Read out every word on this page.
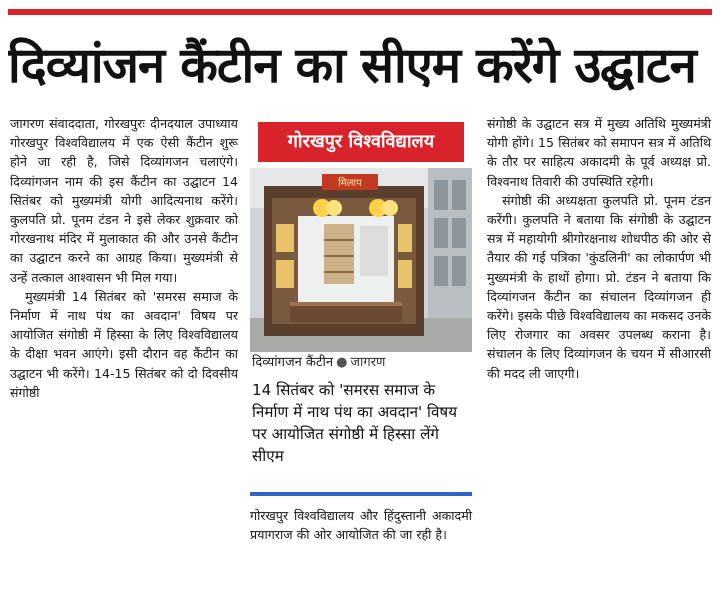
दिव्यांजन कैंटीन का सीएम करेंगे उद्घाटन

जागरण संवाददाता, गोरखपुरः दीनदयाल उपाध्याय गोरखपुर विश्वविद्यालय में एक ऐसी कैंटीन शुरू होने जा रही है, जिसे दिव्यांगजन चलाएंगे। दिव्यांगजन नाम की इस कैंटीन का उद्घाटन 14 सितंबर को मुख्यमंत्री योगी आदित्यनाथ करेंगे। कुलपति प्रो. पूनम टंडन ने इसे लेकर शुक्रवार को गोरखनाथ मंदिर में मुलाकात की और उनसे कैंटीन का उद्घाटन करने का आग्रह किया। मुख्यमंत्री से उन्हें तत्काल आश्वासन भी मिल गया।

मुख्यमंत्री 14 सितंबर को 'समरस समाज के निर्माण में नाथ पंथ का अवदान' विषय पर आयोजित संगोष्ठी में हिस्सा के लिए विश्वविद्यालय के दीक्षा भवन आएंगे। इसी दौरान वह कैंटीन का उद्घाटन भी करेंगे। 14-15 सितंबर को दो दिवसीय संगोष्ठी

गोरखपुर विश्वविद्यालय
मिलाप
दिव्यांगजन कैंटीन ● जागरण
14 सितंबर को 'समरस समाज के निर्माण में नाथ पंथ का अवदान' विषय पर आयोजित संगोष्ठी में हिस्सा लेंगे सीएम
गोरखपुर विश्वविद्यालय और हिंदुस्तानी अकादमी प्रयागराज की ओर आयोजित की जा रही है।

संगोष्ठी के उद्घाटन सत्र में मुख्य अतिथि मुख्यमंत्री योगी होंगे। 15 सितंबर को समापन सत्र में अतिथि के तौर पर साहित्य अकादमी के पूर्व अध्यक्ष प्रो. विश्वनाथ तिवारी की उपस्थिति रहेगी।

संगोष्ठी की अध्यक्षता कुलपति प्रो. पूनम टंडन करेंगी। कुलपति ने बताया कि संगोष्ठी के उद्घाटन सत्र में महायोगी श्रीगोरक्षनाथ शोधपीठ की ओर से तैयार की गई पत्रिका 'कुंडलिनी' का लोकार्पण भी मुख्यमंत्री के हाथों होगा। प्रो. टंडन ने बताया कि दिव्यांगजन कैंटीन का संचालन दिव्यांगजन ही करेंगे। इसके पीछे विश्वविद्यालय का मकसद उनके लिए रोजगार का अवसर उपलब्ध कराना है। संचालन के लिए दिव्यांगजन के चयन में सीआरसी की मदद ली जाएगी।
